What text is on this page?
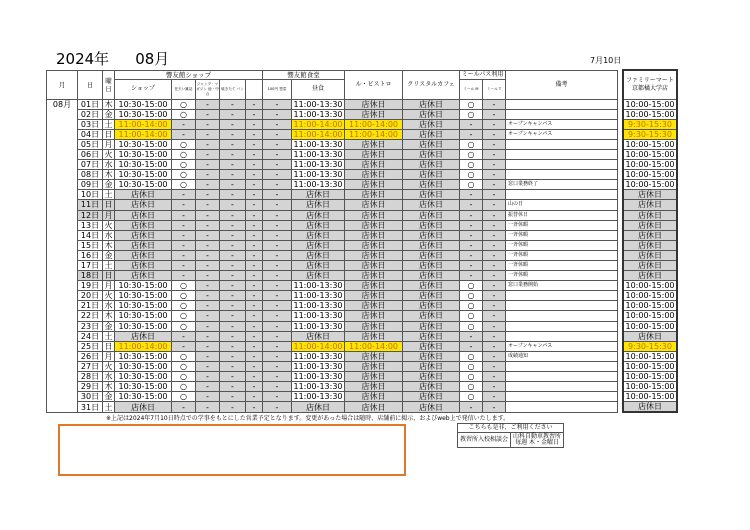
2024年 08月	7月10日
月	日	曜日	響友館ショップ					響友館食堂		ル・ビストロ	クリスタルカフェ	ミールパス利用		備考		ファミリーマート 京都橘大学店
			ショップ	任天い雑誌	ジャンプ・マガジン 他・中合	焼きたて パン		100円 惣菜	昼食			ミール M	ミール T			
08月	01日	木	10:30-15:00	○	-	-	-	-	11:00-13:30	店休日	店休日	○	-			10:00-15:00
	02日	金	10:30-15:00	○	-	-	-	-	11:00-13:30	店休日	店休日	○	-			10:00-15:00
	03日	土	11:00-14:00	-	-	-	-	-	11:00-14:00	11:00-14:00	店休日	-	-	オープンキャンパス		9:30-15:30
	04日	日	11:00-14:00	-	-	-	-	-	11:00-14:00	11:00-14:00	店休日	-	-	オープンキャンパス		9:30-15:30
	05日	月	10:30-15:00	○	-	-	-	-	11:00-13:30	店休日	店休日	○	-			10:00-15:00
	06日	火	10:30-15:00	○	-	-	-	-	11:00-13:30	店休日	店休日	○	-			10:00-15:00
	07日	水	10:30-15:00	○	-	-	-	-	11:00-13:30	店休日	店休日	○	-			10:00-15:00
	08日	木	10:30-15:00	○	-	-	-	-	11:00-13:30	店休日	店休日	○	-			10:00-15:00
	09日	金	10:30-15:00	○	-	-	-	-	11:00-13:30	店休日	店休日	○	-	窓口業務終了		10:00-15:00
	10日	土	店休日	-	-	-	-	-	店休日	店休日	店休日	-	-			店休日
	11日	日	店休日	-	-	-	-	-	店休日	店休日	店休日	-	-	山の日		店休日
	12日	月	店休日	-	-	-	-	-	店休日	店休日	店休日	-	-	振替休日		店休日
	13日	火	店休日	-	-	-	-	-	店休日	店休日	店休日	-	-	一斉休暇		店休日
	14日	水	店休日	-	-	-	-	-	店休日	店休日	店休日	-	-	一斉休暇		店休日
	15日	木	店休日	-	-	-	-	-	店休日	店休日	店休日	-	-	一斉休暇		店休日
	16日	金	店休日	-	-	-	-	-	店休日	店休日	店休日	-	-	一斉休暇		店休日
	17日	土	店休日	-	-	-	-	-	店休日	店休日	店休日	-	-	一斉休暇		店休日
	18日	日	店休日	-	-	-	-	-	店休日	店休日	店休日	-	-	一斉休暇		店休日
	19日	月	10:30-15:00	○	-	-	-	-	11:00-13:30	店休日	店休日	○	-	窓口業務開始		10:00-15:00
	20日	火	10:30-15:00	○	-	-	-	-	11:00-13:30	店休日	店休日	○	-			10:00-15:00
	21日	水	10:30-15:00	○	-	-	-	-	11:00-13:30	店休日	店休日	○	-			10:00-15:00
	22日	木	10:30-15:00	○	-	-	-	-	11:00-13:30	店休日	店休日	○	-			10:00-15:00
	23日	金	10:30-15:00	○	-	-	-	-	11:00-13:30	店休日	店休日	○	-			10:00-15:00
	24日	土	店休日	-	-	-	-	-	店休日	店休日	店休日	-	-			店休日
	25日	日	11:00-14:00	-	-	-	-	-	11:00-14:00	11:00-14:00	店休日	-	-	オープンキャンパス		9:30-15:30
	26日	月	10:30-15:00	○	-	-	-	-	11:00-13:30	店休日	店休日	○	-	成績通知		10:00-15:00
	27日	火	10:30-15:00	○	-	-	-	-	11:00-13:30	店休日	店休日	○	-			10:00-15:00
	28日	水	10:30-15:00	○	-	-	-	-	11:00-13:30	店休日	店休日	○	-			10:00-15:00
	29日	木	10:30-15:00	○	-	-	-	-	11:00-13:30	店休日	店休日	○	-			10:00-15:00
	30日	金	10:30-15:00	○	-	-	-	-	11:00-13:30	店休日	店休日	○	-			10:00-15:00
	31日	土	店休日	-	-	-	-	-	店休日	店休日	店休日	-	-			店休日
※上記は2024年7月10日時点での学事をもとにした営業予定となります。変更があった場合は随時、店舗前に掲示、およびweb上で発信いたします。
こちらも是非、ご利用ください
教習所入校相談会	山科自動車教習所
毎週 木・金曜日
